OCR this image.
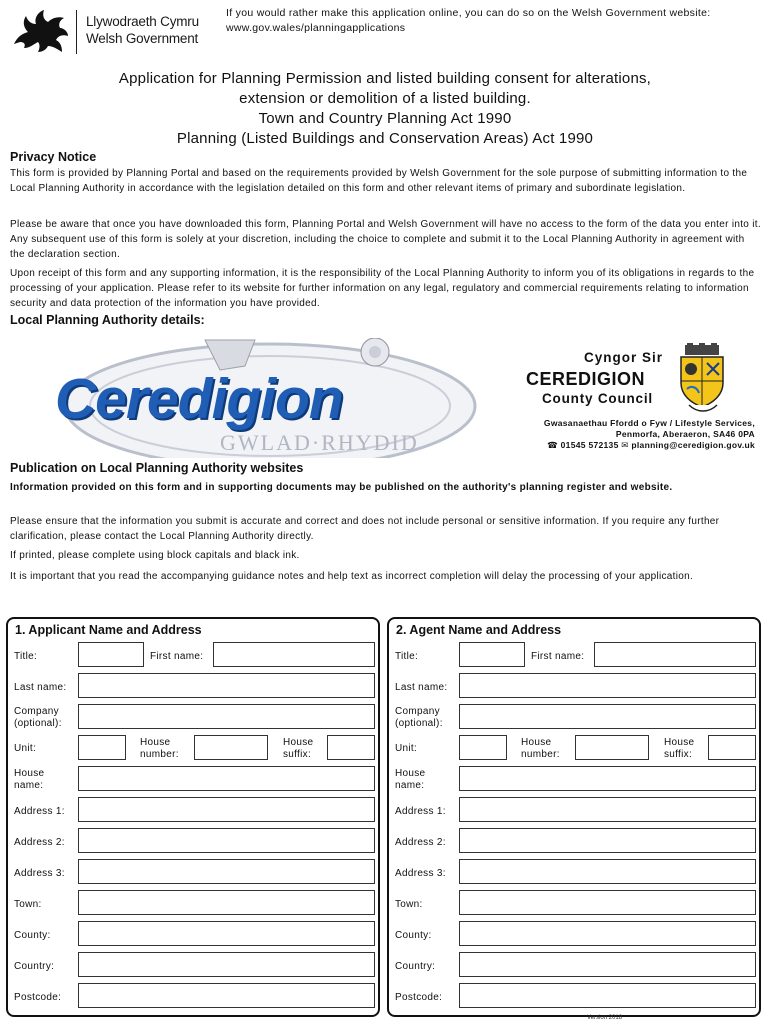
Llywodraeth Cymru
Welsh Government
If you would rather make this application online, you can do so on the Welsh Government website:
www.gov.wales/planningapplications
Application for Planning Permission and listed building consent for alterations,
extension or demolition of a listed building.
Town and Country Planning Act 1990
Planning (Listed Buildings and Conservation Areas) Act 1990
Privacy Notice
This form is provided by Planning Portal and based on the requirements provided by Welsh Government for the sole purpose of submitting information to the Local Planning Authority in accordance with the legislation detailed on this form and other relevant items of primary and subordinate legislation.
Please be aware that once you have downloaded this form, Planning Portal and Welsh Government will have no access to the form of the data you enter into it. Any subsequent use of this form is solely at your discretion, including the choice to complete and submit it to the Local Planning Authority in agreement with the declaration section.
Upon receipt of this form and any supporting information, it is the responsibility of the Local Planning Authority to inform you of its obligations in regards to the processing of your application. Please refer to its website for further information on any legal, regulatory and commercial requirements relating to information security and data protection of the information you have provided.
Local Planning Authority details:
GWLAD·RHYDID
Ceredigion
Cyngor Sir
CEREDIGION
County Council
Gwasanaethau Ffordd o Fyw / Lifestyle Services,
Penmorfa, Aberaeron, SA46 0PA
☎ 01545 572135 ✉ planning@ceredigion.gov.uk
Publication on Local Planning Authority websites
Information provided on this form and in supporting documents may be published on the authority's planning register and website.
Please ensure that the information you submit is accurate and correct and does not include personal or sensitive information. If you require any further clarification, please contact the Local Planning Authority directly.
If printed, please complete using block capitals and black ink.
It is important that you read the accompanying guidance notes and help text as incorrect completion will delay the processing of your application.
1. Applicant Name and Address
Title:	First name:
Last name:
Company (optional):
Unit:
House number:
House suffix:
House name:
Address 1:
Address 2:
Address 3:
Town:
County:
Country:
Postcode:
2. Agent Name and Address
Title:	First name:
Last name:
Company (optional):
Unit:
House number:
House suffix:
House name:
Address 1:
Address 2:
Address 3:
Town:
County:
Country:
Postcode:
Version 2018
